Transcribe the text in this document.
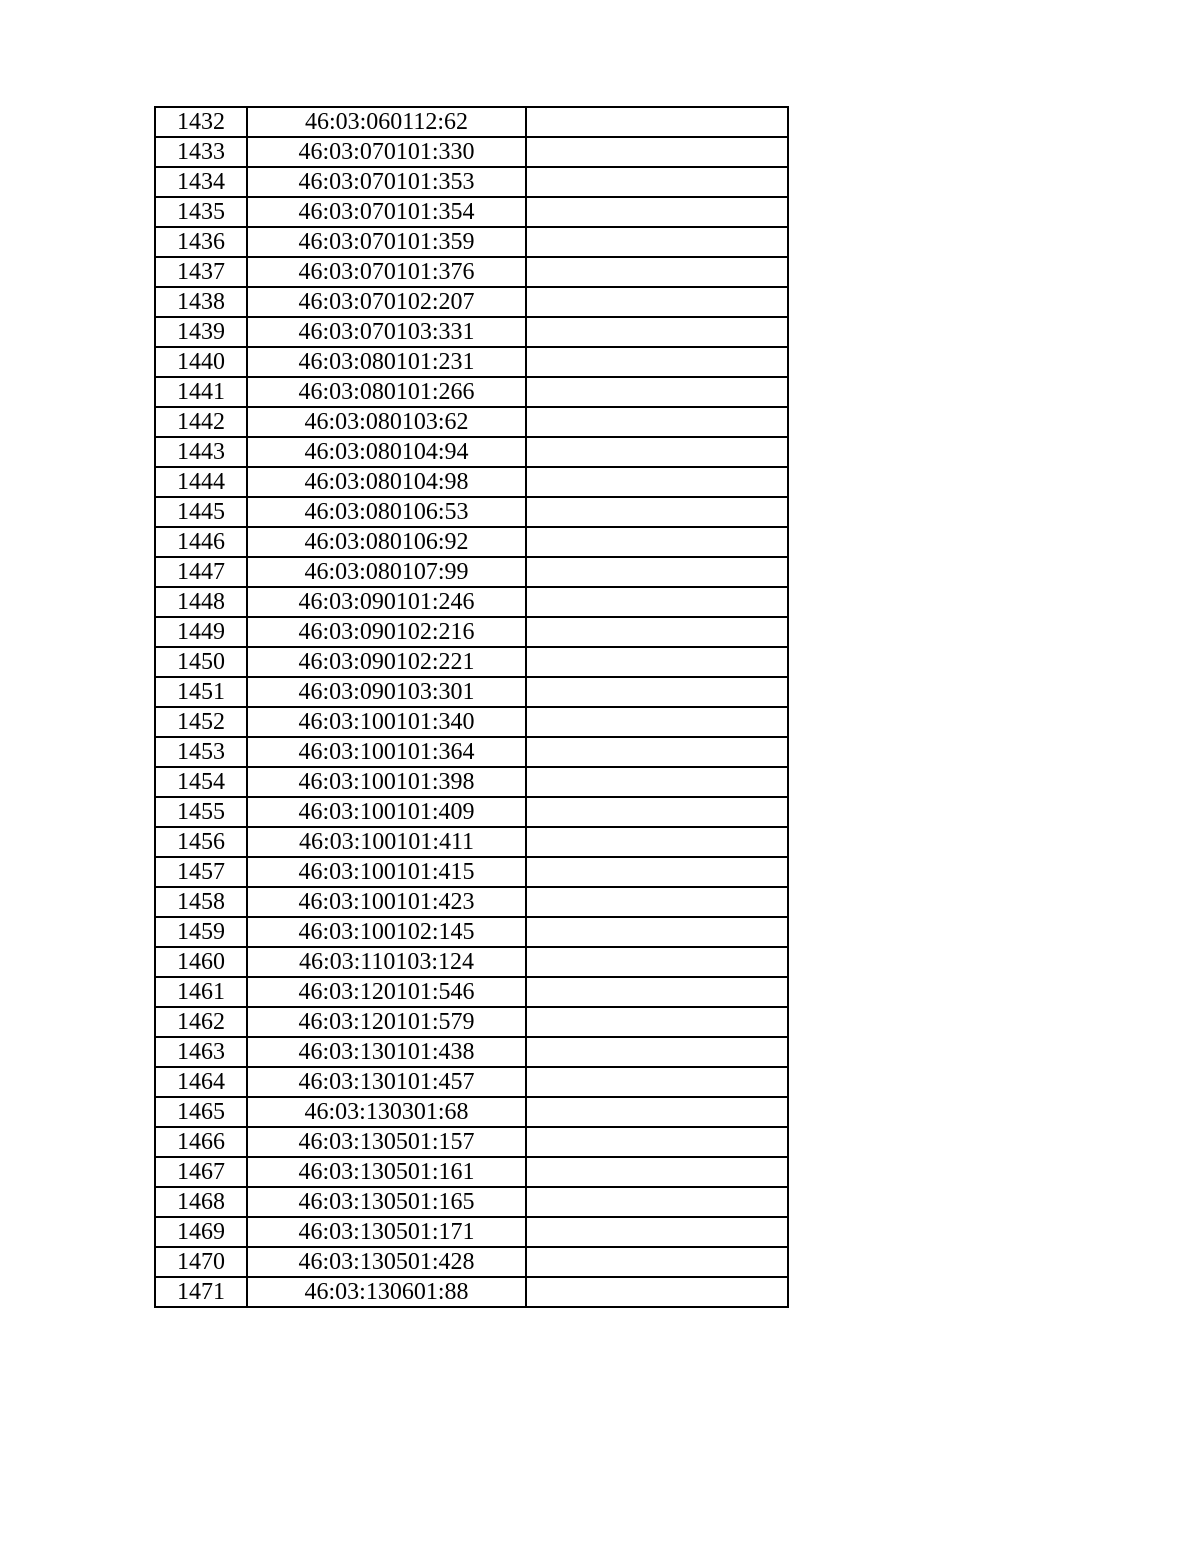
1432	46:03:060112:62	
1433	46:03:070101:330	
1434	46:03:070101:353	
1435	46:03:070101:354	
1436	46:03:070101:359	
1437	46:03:070101:376	
1438	46:03:070102:207	
1439	46:03:070103:331	
1440	46:03:080101:231	
1441	46:03:080101:266	
1442	46:03:080103:62	
1443	46:03:080104:94	
1444	46:03:080104:98	
1445	46:03:080106:53	
1446	46:03:080106:92	
1447	46:03:080107:99	
1448	46:03:090101:246	
1449	46:03:090102:216	
1450	46:03:090102:221	
1451	46:03:090103:301	
1452	46:03:100101:340	
1453	46:03:100101:364	
1454	46:03:100101:398	
1455	46:03:100101:409	
1456	46:03:100101:411	
1457	46:03:100101:415	
1458	46:03:100101:423	
1459	46:03:100102:145	
1460	46:03:110103:124	
1461	46:03:120101:546	
1462	46:03:120101:579	
1463	46:03:130101:438	
1464	46:03:130101:457	
1465	46:03:130301:68	
1466	46:03:130501:157	
1467	46:03:130501:161	
1468	46:03:130501:165	
1469	46:03:130501:171	
1470	46:03:130501:428	
1471	46:03:130601:88	
